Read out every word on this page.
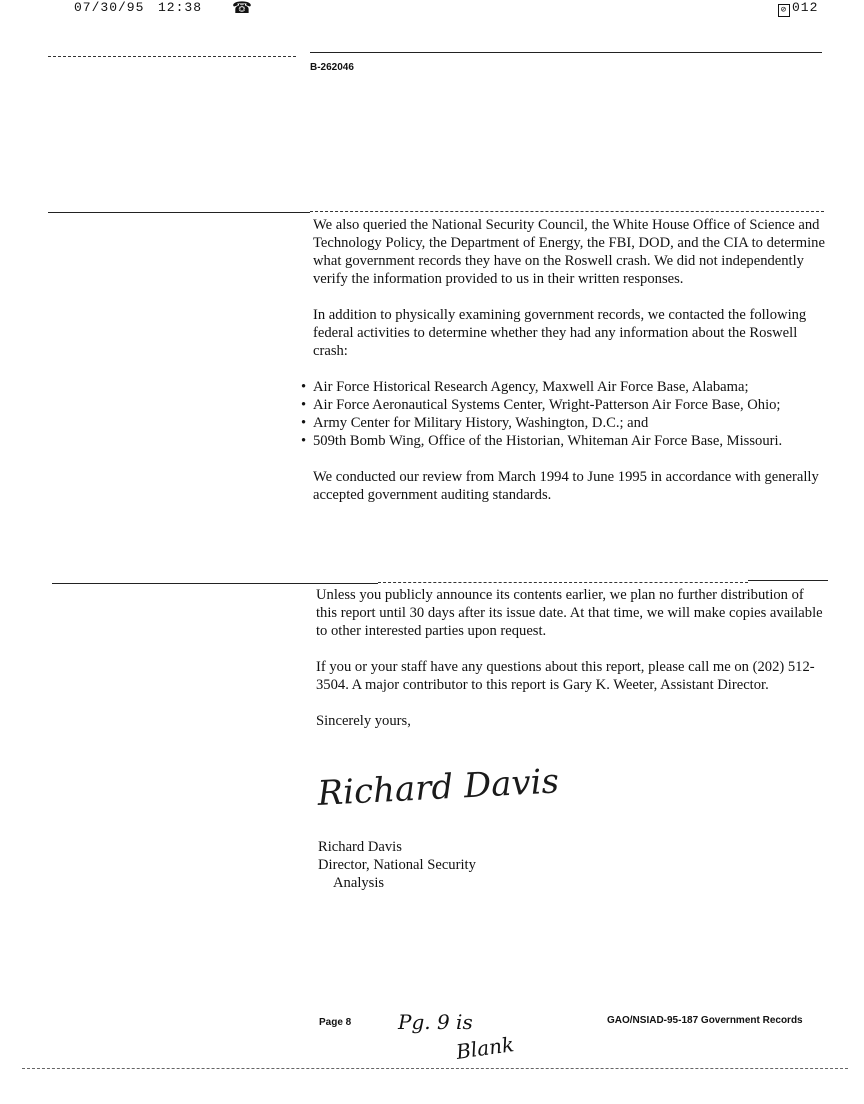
07/30/95 12:38 ☎	⊘ 012
B-262046

We also queried the National Security Council, the White House Office of Science and Technology Policy, the Department of Energy, the FBI, DOD, and the CIA to determine what government records they have on the Roswell crash. We did not independently verify the information provided to us in their written responses.

In addition to physically examining government records, we contacted the following federal activities to determine whether they had any information about the Roswell crash:

• Air Force Historical Research Agency, Maxwell Air Force Base, Alabama;
• Air Force Aeronautical Systems Center, Wright-Patterson Air Force Base, Ohio;
• Army Center for Military History, Washington, D.C.; and
• 509th Bomb Wing, Office of the Historian, Whiteman Air Force Base, Missouri.

We conducted our review from March 1994 to June 1995 in accordance with generally accepted government auditing standards.

Unless you publicly announce its contents earlier, we plan no further distribution of this report until 30 days after its issue date. At that time, we will make copies available to other interested parties upon request.

If you or your staff have any questions about this report, please call me on (202) 512-3504. A major contributor to this report is Gary K. Weeter, Assistant Director.

Sincerely yours,

Richard Davis
Richard Davis
Director, National Security
Analysis
Page 8 Pg. 9 is
Blank
GAO/NSIAD-95-187 Government Records
